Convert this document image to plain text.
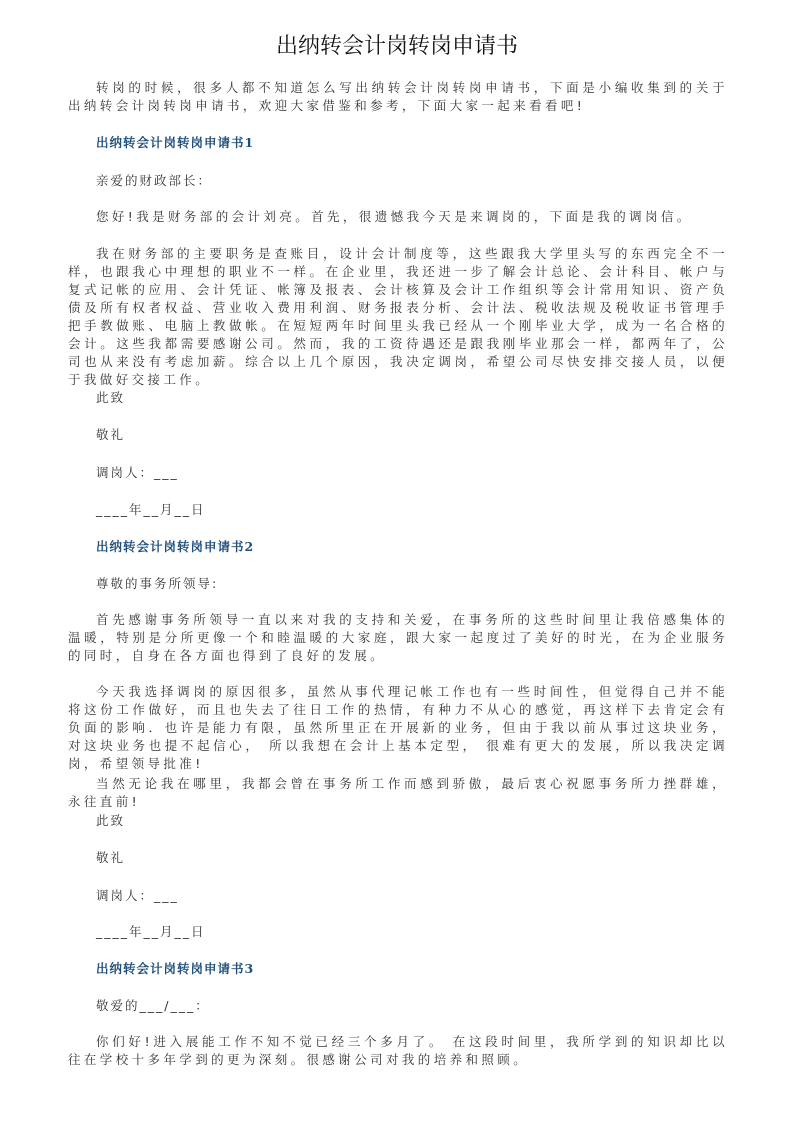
出纳转会计岗转岗申请书
转岗的时候，很多人都不知道怎么写出纳转会计岗转岗申请书，下面是小编收集到的关于出纳转会计岗转岗申请书，欢迎大家借鉴和参考，下面大家一起来看看吧!
出纳转会计岗转岗申请书1
亲爱的财政部长：
您好!我是财务部的会计刘亮。首先，很遗憾我今天是来调岗的，下面是我的调岗信。
我在财务部的主要职务是查账目，设计会计制度等，这些跟我大学里头写的东西完全不一样，也跟我心中理想的职业不一样。在企业里，我还进一步了解会计总论、会计科目、帐户与复式记帐的应用、会计凭证、帐簿及报表、会计核算及会计工作组织等会计常用知识、资产负债及所有权者权益、营业收入费用利润、财务报表分析、会计法、税收法规及税收证书管理手把手教做账、电脑上教做帐。在短短两年时间里头我已经从一个刚毕业大学，成为一名合格的会计。这些我都需要感谢公司。然而，我的工资待遇还是跟我刚毕业那会一样，都两年了，公司也从来没有考虑加薪。综合以上几个原因，我决定调岗，希望公司尽快安排交接人员，以便于我做好交接工作。
此致
敬礼
调岗人：___
____年__月__日
出纳转会计岗转岗申请书2
尊敬的事务所领导:
首先感谢事务所领导一直以来对我的支持和关爱，在事务所的这些时间里让我倍感集体的温暖，特别是分所更像一个和睦温暖的大家庭，跟大家一起度过了美好的时光，在为企业服务的同时，自身在各方面也得到了良好的发展。
今天我选择调岗的原因很多，虽然从事代理记帐工作也有一些时间性，但觉得自己并不能将这份工作做好，而且也失去了往日工作的热情，有种力不从心的感觉，再这样下去肯定会有负面的影响．也许是能力有限，虽然所里正在开展新的业务，但由于我以前从事过这块业务，对这块业务也提不起信心， 所以我想在会计上基本定型， 很难有更大的发展，所以我决定调岗，希望领导批准!
当然无论我在哪里，我都会曾在事务所工作而感到骄傲，最后衷心祝愿事务所力挫群雄， 永往直前!
此致
敬礼
调岗人：___
____年__月__日
出纳转会计岗转岗申请书3
敬爱的___/___：
你们好!进入展能工作不知不觉已经三个多月了。 在这段时间里，我所学到的知识却比以往在学校十多年学到的更为深刻。很感谢公司对我的培养和照顾。
